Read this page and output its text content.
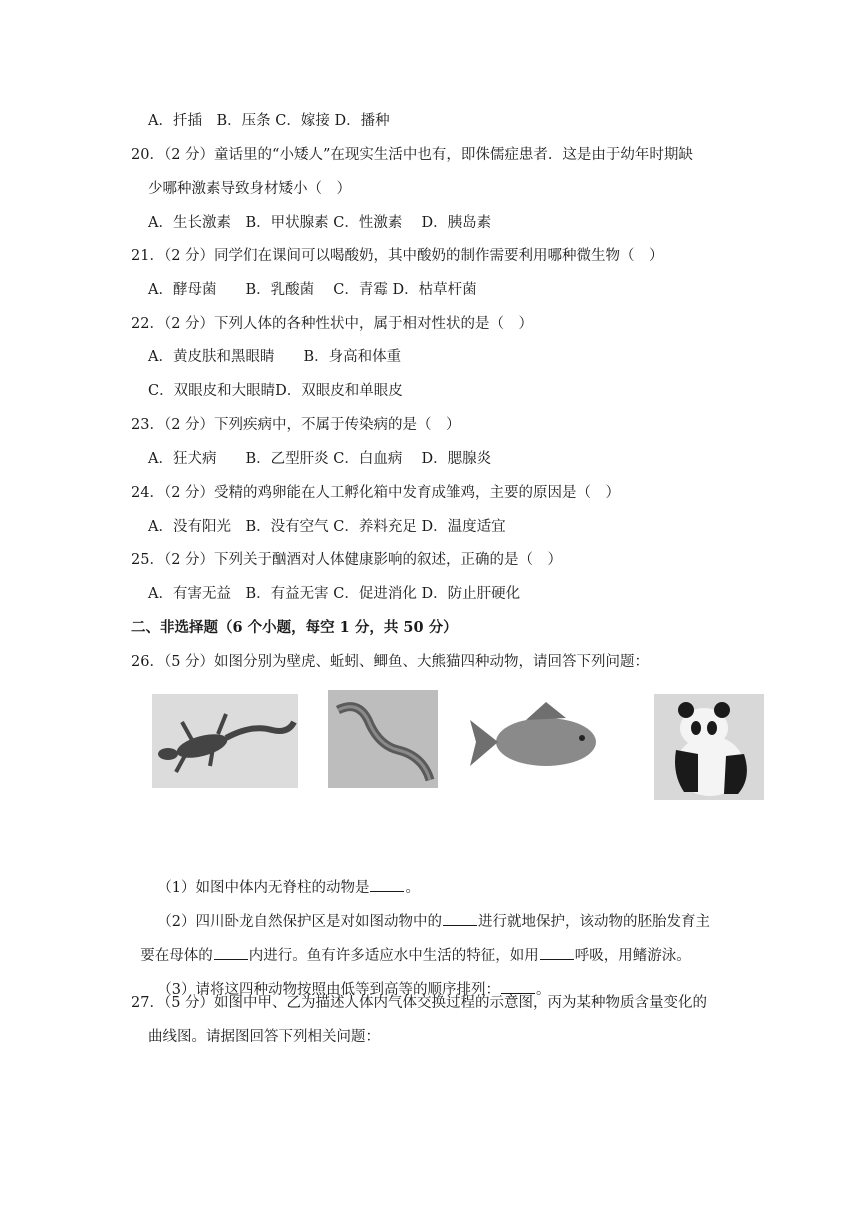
A．扦插　B．压条 C．嫁接 D．播种
20．（2 分）童话里的“小矮人”在现实生活中也有，即侏儒症患者．这是由于幼年时期缺
少哪种激素导致身材矮小（　）
A．生长激素　B．甲状腺素 C．性激素　 D．胰岛素
21．（2 分）同学们在课间可以喝酸奶，其中酸奶的制作需要利用哪种微生物（　）
A．酵母菌　　B．乳酸菌　 C．青霉 D．枯草杆菌
22．（2 分）下列人体的各种性状中，属于相对性状的是（　）
A．黄皮肤和黑眼睛　　B．身高和体重
C．双眼皮和大眼睛D．双眼皮和单眼皮
23．（2 分）下列疾病中，不属于传染病的是（　）
A．狂犬病　　B．乙型肝炎 C．白血病　 D．腮腺炎
24．（2 分）受精的鸡卵能在人工孵化箱中发育成雏鸡，主要的原因是（　）
A．没有阳光　B．没有空气 C．养料充足 D．温度适宜
25．（2 分）下列关于酗酒对人体健康影响的叙述，正确的是（　）
A．有害无益　B．有益无害 C．促进消化 D．防止肝硬化
二、非选择题（6 个小题，每空 1 分，共 50 分）
26．（5 分）如图分别为壁虎、蚯蚓、鲫鱼、大熊猫四种动物，请回答下列问题：

（1）如图中体内无脊柱的动物是 。

（2）四川卧龙自然保护区是对如图动物中的 进行就地保护，该动物的胚胎发育主

要在母体的 内进行。鱼有许多适应水中生活的特征，如用 呼吸，用鳍游泳。

（3）请将这四种动物按照由低等到高等的顺序排列： 。

27．（5 分）如图中甲、乙为描述人体内气体交换过程的示意图，丙为某种物质含量变化的
曲线图。请据图回答下列相关问题：
